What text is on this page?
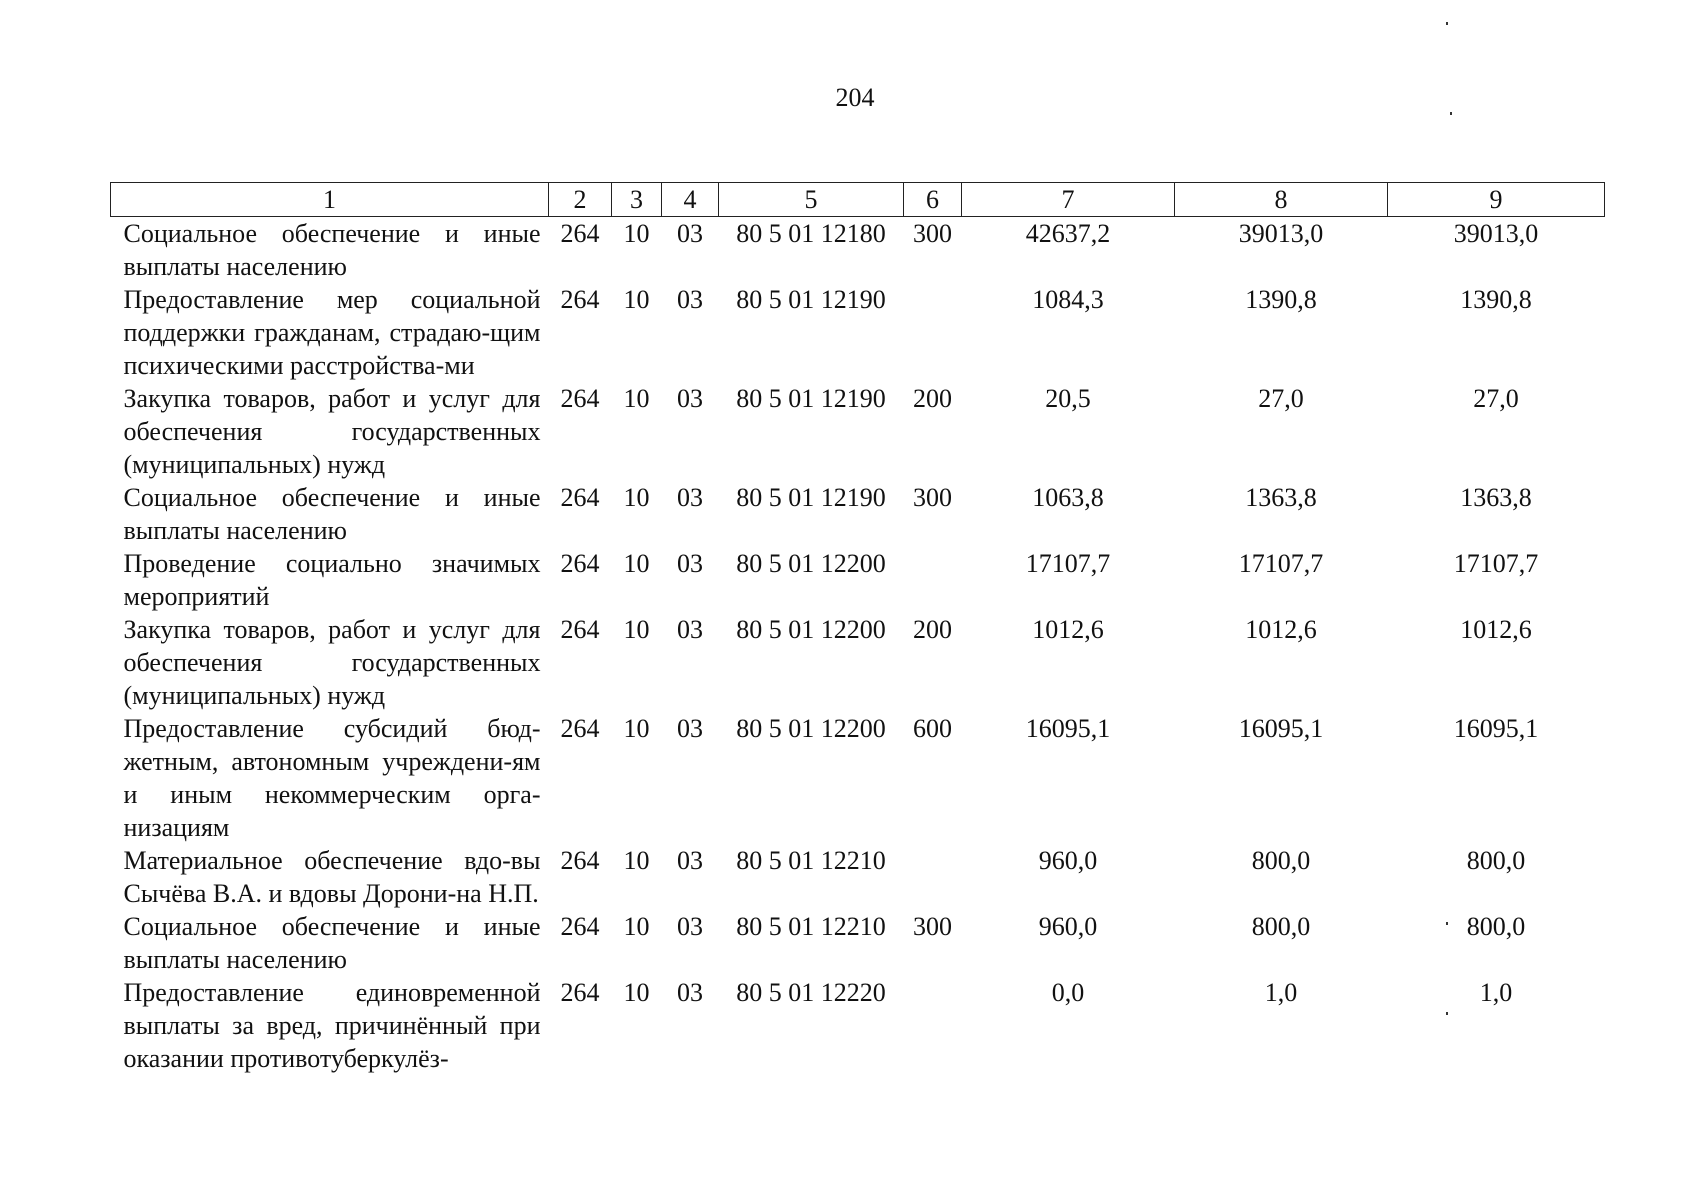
204
1	2	3	4	5	6	7	8	9
Социальное обеспечение и иные выплаты населению	264	10	03	80 5 01 12180	300	42637,2	39013,0	39013,0
Предоставление мер социальной поддержки гражданам, страдаю-щим психическими расстройства-ми	264	10	03	80 5 01 12190		1084,3	1390,8	1390,8
Закупка товаров, работ и услуг для обеспечения государственных (муниципальных) нужд	264	10	03	80 5 01 12190	200	20,5	27,0	27,0
Социальное обеспечение и иные выплаты населению	264	10	03	80 5 01 12190	300	1063,8	1363,8	1363,8
Проведение социально значимых мероприятий	264	10	03	80 5 01 12200		17107,7	17107,7	17107,7
Закупка товаров, работ и услуг для обеспечения государственных (муниципальных) нужд	264	10	03	80 5 01 12200	200	1012,6	1012,6	1012,6
Предоставление субсидий бюд-жетным, автономным учреждени-ям и иным некоммерческим орга-низациям	264	10	03	80 5 01 12200	600	16095,1	16095,1	16095,1
Материальное обеспечение вдо-вы Сычёва В.А. и вдовы Дорони-на Н.П.	264	10	03	80 5 01 12210		960,0	800,0	800,0
Социальное обеспечение и иные выплаты населению	264	10	03	80 5 01 12210	300	960,0	800,0	800,0
Предоставление единовременной выплаты за вред, причинённый при оказании противотуберкулёз-	264	10	03	80 5 01 12220		0,0	1,0	1,0
